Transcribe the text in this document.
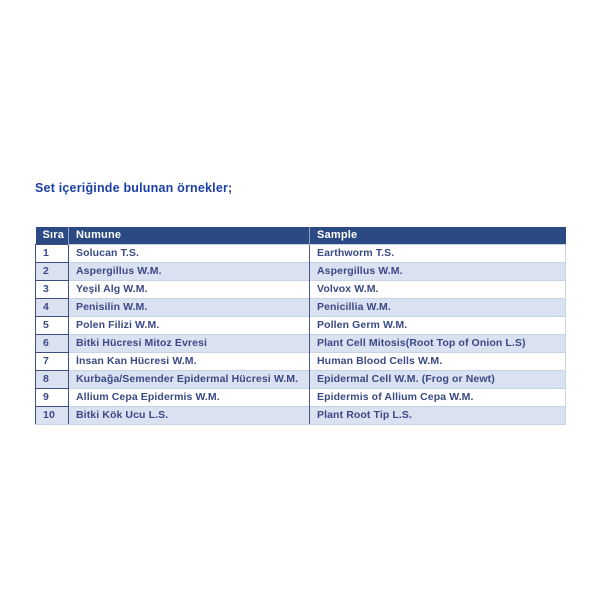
Set içeriğinde bulunan örnekler;
Sıra	Numune	Sample
1	Solucan T.S.	Earthworm T.S.
2	Aspergillus W.M.	Aspergillus W.M.
3	Yeşil Alg W.M.	Volvox W.M.
4	Penisilin W.M.	Penicillia W.M.
5	Polen Filizi W.M.	Pollen Germ W.M.
6	Bitki Hücresi Mitoz Evresi	Plant Cell Mitosis(Root Top of Onion L.S)
7	İnsan Kan Hücresi W.M.	Human Blood Cells W.M.
8	Kurbağa/Semender Epidermal Hücresi W.M.	Epidermal Cell W.M. (Frog or Newt)
9	Allium Cepa Epidermis W.M.	Epidermis of Allium Cepa W.M.
10	Bitki Kök Ucu L.S.	Plant Root Tip L.S.
